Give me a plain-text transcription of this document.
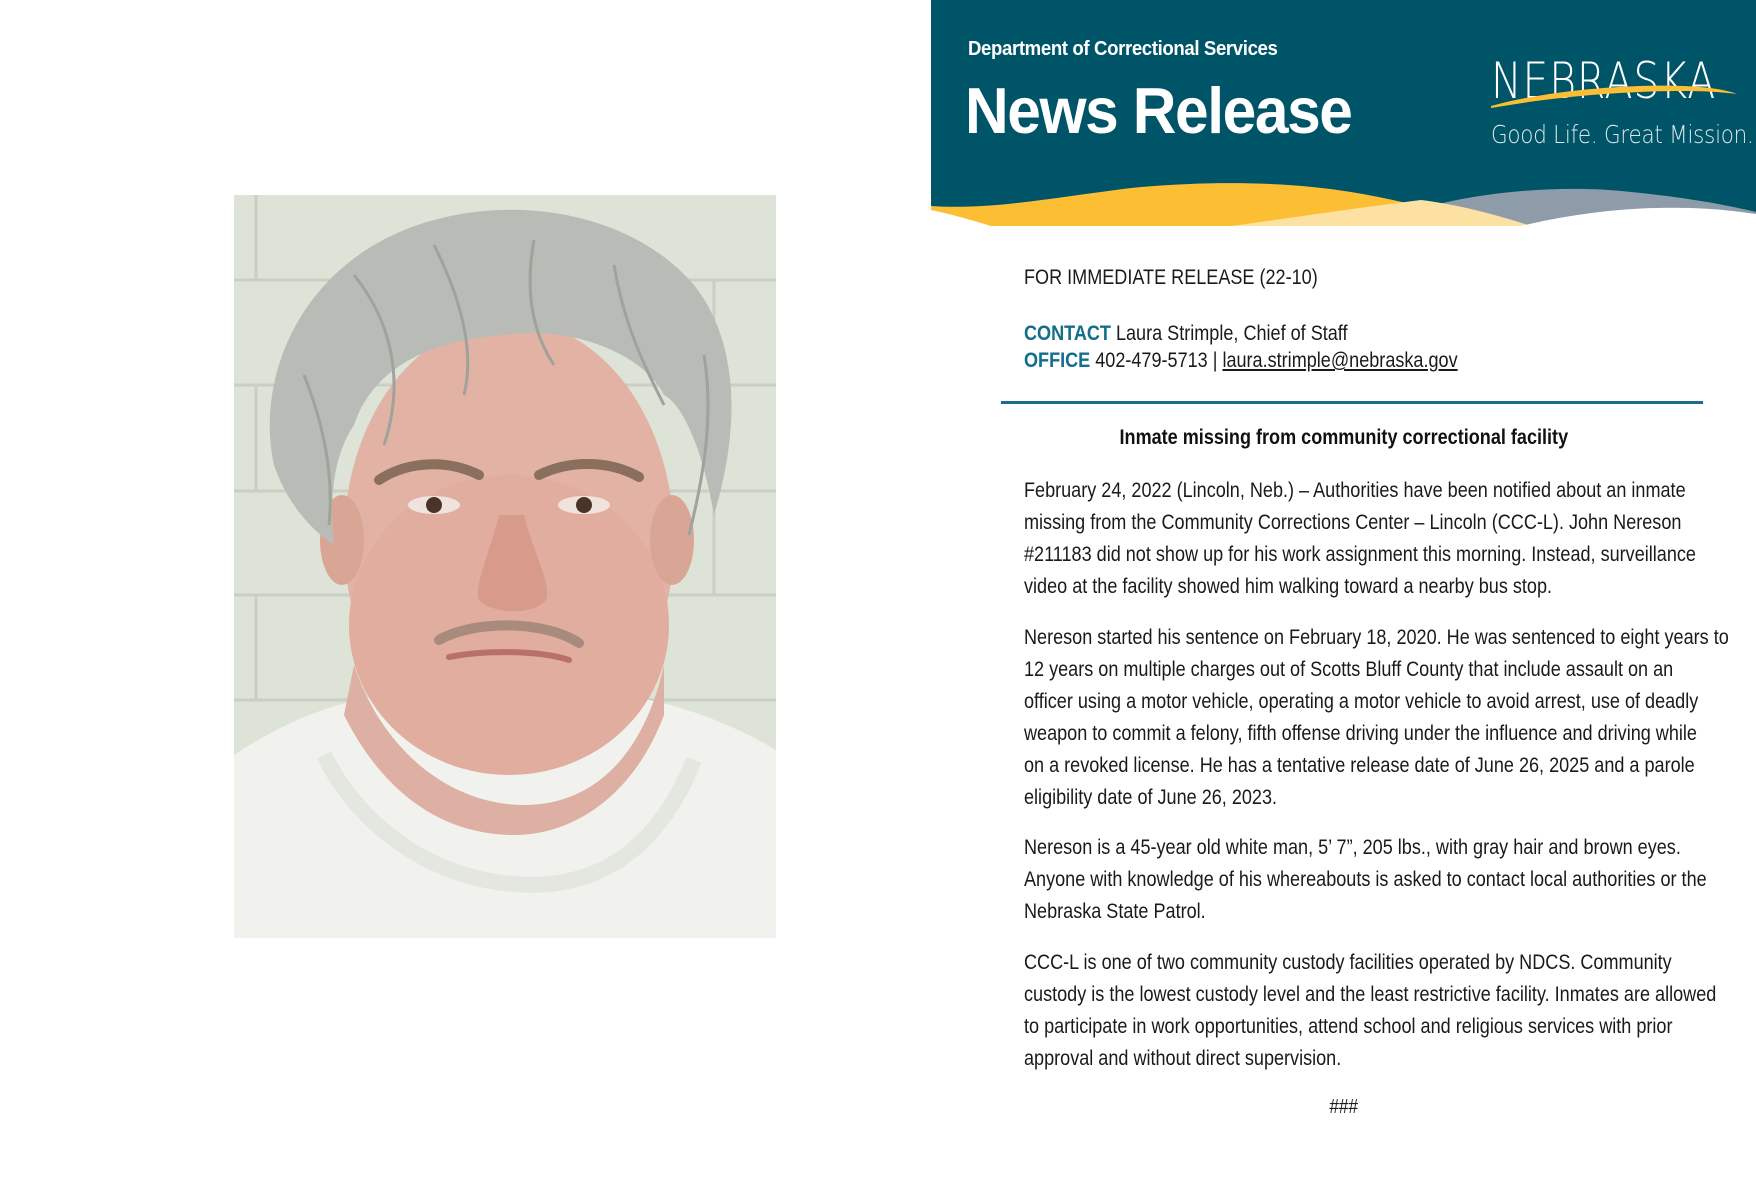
Department of Correctional Services
News Release	NEBRASKA
Good Life. Great Mission.
FOR IMMEDIATE RELEASE (22-10)
CONTACT Laura Strimple, Chief of Staff
OFFICE 402-479-5713 | laura.strimple@nebraska.gov
Inmate missing from community correctional facility
February 24, 2022 (Lincoln, Neb.) – Authorities have been notified about an inmate
missing from the Community Corrections Center – Lincoln (CCC-L). John Nereson
#211183 did not show up for his work assignment this morning. Instead, surveillance
video at the facility showed him walking toward a nearby bus stop.
Nereson started his sentence on February 18, 2020. He was sentenced to eight years to
12 years on multiple charges out of Scotts Bluff County that include assault on an
officer using a motor vehicle, operating a motor vehicle to avoid arrest, use of deadly
weapon to commit a felony, fifth offense driving under the influence and driving while
on a revoked license. He has a tentative release date of June 26, 2025 and a parole
eligibility date of June 26, 2023.
Nereson is a 45-year old white man, 5’ 7”, 205 lbs., with gray hair and brown eyes.
Anyone with knowledge of his whereabouts is asked to contact local authorities or the
Nebraska State Patrol.
CCC-L is one of two community custody facilities operated by NDCS. Community
custody is the lowest custody level and the least restrictive facility. Inmates are allowed
to participate in work opportunities, attend school and religious services with prior
approval and without direct supervision.
###
